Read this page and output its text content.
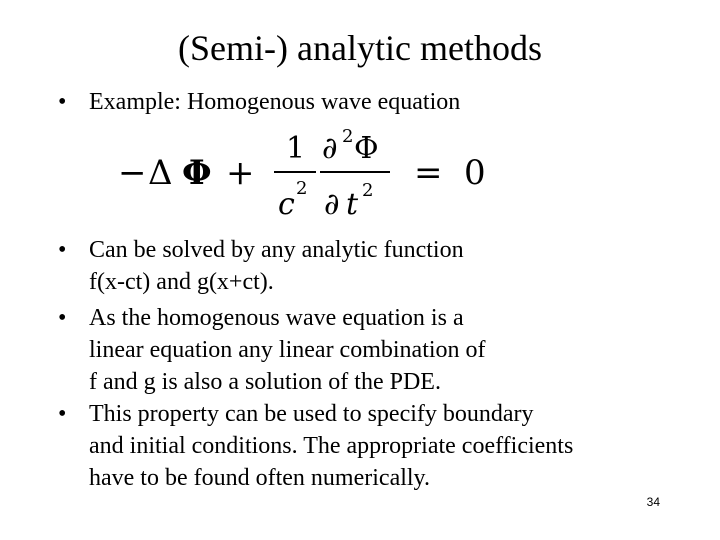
(Semi-) analytic methods
• Example: Homogenous wave equation
− Δ Φ +
1
c 2
∂ 2 Φ
∂ t 2 = 0
• Can be solved by any analytic function
f(x-ct) and g(x+ct).
• As the homogenous wave equation is a
linear equation any linear combination of
f and g is also a solution of the PDE.
• This property can be used to specify boundary
and initial conditions. The appropriate coefficients
have to be found often numerically.
34
